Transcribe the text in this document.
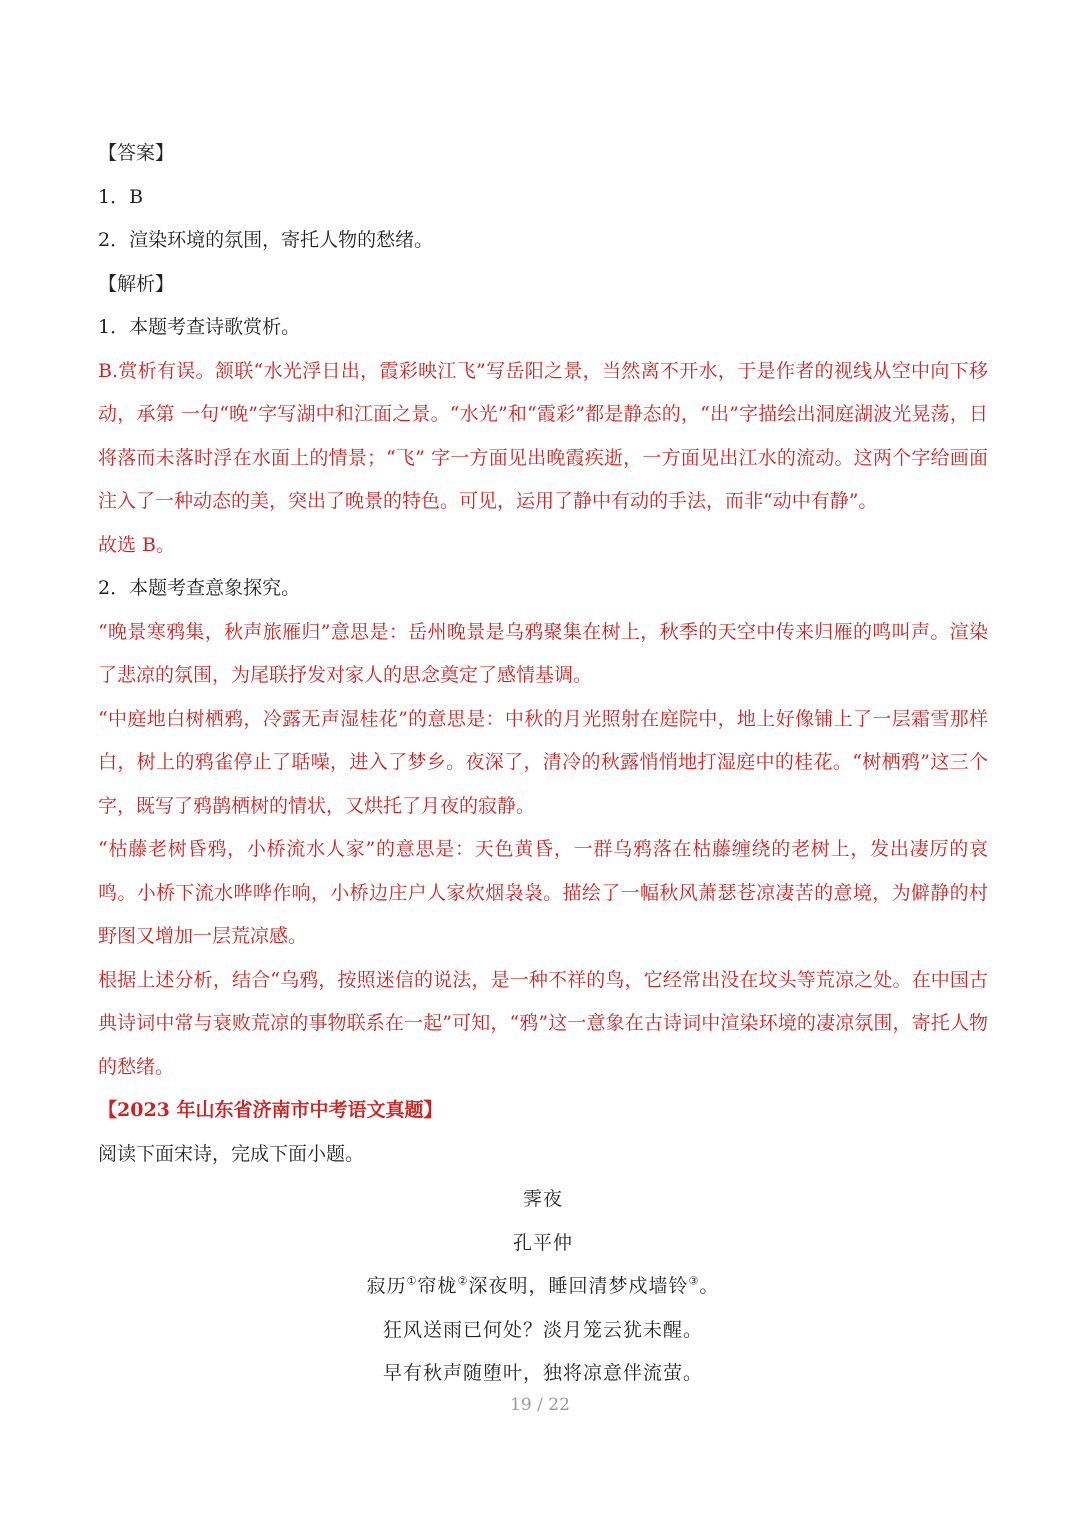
【答案】
1．B
2．渲染环境的氛围，寄托人物的愁绪。
【解析】
1．本题考查诗歌赏析。
B.赏析有误。颔联“水光浮日出，霞彩映江飞”写岳阳之景，当然离不开水，于是作者的视线从空中向下移动，承第 一句“晚”字写湖中和江面之景。“水光”和“霞彩”都是静态的，“出”字描绘出洞庭湖波光晃荡，日将落而未落时浮在水面上的情景；“飞” 字一方面见出晚霞疾逝，一方面见出江水的流动。这两个字给画面注入了一种动态的美，突出了晚景的特色。可见，运用了静中有动的手法，而非“动中有静”。
故选 B。
2．本题考查意象探究。
“晚景寒鸦集，秋声旅雁归”意思是：岳州晚景是乌鸦聚集在树上，秋季的天空中传来归雁的鸣叫声。渲染了悲凉的氛围，为尾联抒发对家人的思念奠定了感情基调。
“中庭地白树栖鸦，冷露无声湿桂花”的意思是：中秋的月光照射在庭院中，地上好像铺上了一层霜雪那样白，树上的鸦雀停止了聒噪，进入了梦乡。夜深了，清冷的秋露悄悄地打湿庭中的桂花。“树栖鸦”这三个字，既写了鸦鹊栖树的情状，又烘托了月夜的寂静。
“枯藤老树昏鸦，小桥流水人家”的意思是：天色黄昏，一群乌鸦落在枯藤缠绕的老树上，发出凄厉的哀鸣。小桥下流水哗哗作响，小桥边庄户人家炊烟袅袅。描绘了一幅秋风萧瑟苍凉凄苦的意境，为僻静的村野图又增加一层荒凉感。
根据上述分析，结合“乌鸦，按照迷信的说法，是一种不祥的鸟，它经常出没在坟头等荒凉之处。在中国古典诗词中常与衰败荒凉的事物联系在一起”可知，“鸦”这一意象在古诗词中渲染环境的凄凉氛围，寄托人物的愁绪。
【2023 年山东省济南市中考语文真题】
阅读下面宋诗，完成下面小题。
霁夜
孔平仲
寂历①帘栊②深夜明，睡回清梦戍墙铃③。
狂风送雨已何处？淡月笼云犹未醒。
早有秋声随堕叶，独将凉意伴流萤。
19 / 22
